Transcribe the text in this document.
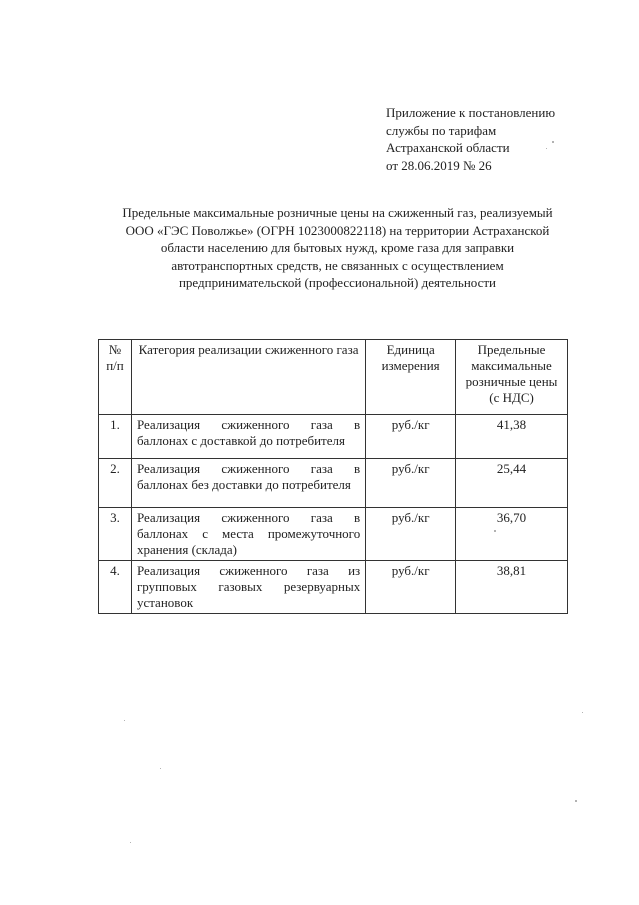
Приложение к постановлению
службы по тарифам
Астраханской области
от 28.06.2019 № 26
Предельные максимальные розничные цены на сжиженный газ, реализуемый
ООО «ГЭС Поволжье» (ОГРН 1023000822118) на территории Астраханской
области населению для бытовых нужд, кроме газа для заправки
автотранспортных средств, не связанных с осуществлением
предпринимательской (профессиональной) деятельности
№ п/п	Категория реализации сжиженного газа	Единица измерения	Предельные максимальные розничные цены (с НДС)
1.	Реализация сжиженного газа в баллонах с доставкой до потребителя	руб./кг	41,38
2.	Реализация сжиженного газа в баллонах без доставки до потребителя	руб./кг	25,44
3.	Реализация сжиженного газа в баллонах с места промежуточного хранения (склада)	руб./кг	36,70
4.	Реализация сжиженного газа из групповых газовых резервуарных установок	руб./кг	38,81
